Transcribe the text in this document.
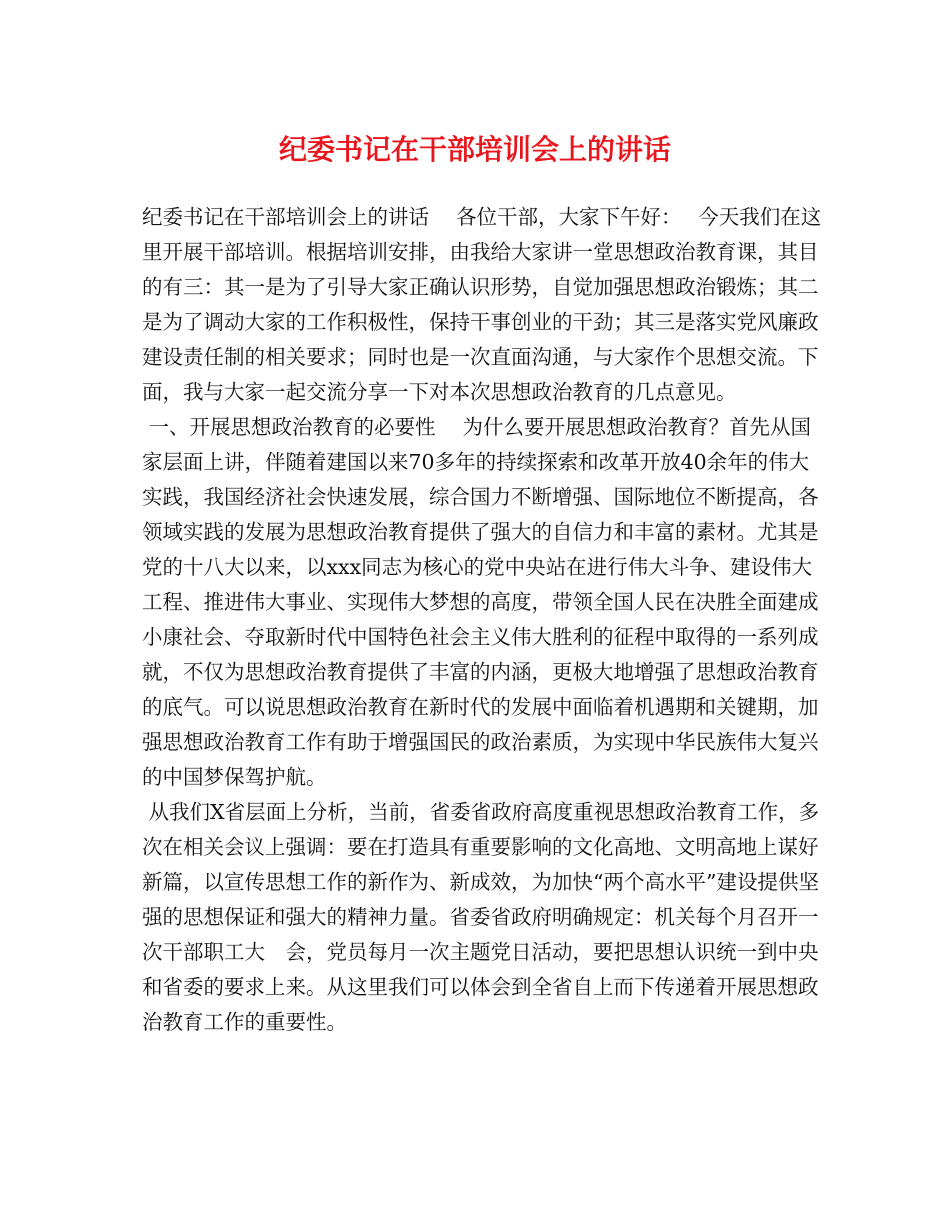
纪委书记在干部培训会上的讲话
纪委书记在干部培训会上的讲话　 各位干部，大家下午好：　 今天我们在这里开展干部培训。根据培训安排，由我给大家讲一堂思想政治教育课，其目的有三：其一是为了引导大家正确认识形势，自觉加强思想政治锻炼；其二是为了调动大家的工作积极性，保持干事创业的干劲；其三是落实党风廉政建设责任制的相关要求；同时也是一次直面沟通，与大家作个思想交流。下面，我与大家一起交流分享一下对本次思想政治教育的几点意见。
一、开展思想政治教育的必要性　 为什么要开展思想政治教育？首先从国家层面上讲，伴随着建国以来70多年的持续探索和改革开放40余年的伟大实践，我国经济社会快速发展，综合国力不断增强、国际地位不断提高，各领域实践的发展为思想政治教育提供了强大的自信力和丰富的素材。尤其是党的十八大以来，以xxx同志为核心的党中央站在进行伟大斗争、建设伟大工程、推进伟大事业、实现伟大梦想的高度，带领全国人民在决胜全面建成小康社会、夺取新时代中国特色社会主义伟大胜利的征程中取得的一系列成就，不仅为思想政治教育提供了丰富的内涵，更极大地增强了思想政治教育的底气。可以说思想政治教育在新时代的发展中面临着机遇期和关键期，加强思想政治教育工作有助于增强国民的政治素质，为实现中华民族伟大复兴的中国梦保驾护航。
从我们X省层面上分析，当前，省委省政府高度重视思想政治教育工作，多次在相关会议上强调：要在打造具有重要影响的文化高地、文明高地上谋好新篇，以宣传思想工作的新作为、新成效，为加快“两个高水平”建设提供坚强的思想保证和强大的精神力量。省委省政府明确规定：机关每个月召开一次干部职工大　会，党员每月一次主题党日活动，要把思想认识统一到中央和省委的要求上来。从这里我们可以体会到全省自上而下传递着开展思想政治教育工作的重要性。
